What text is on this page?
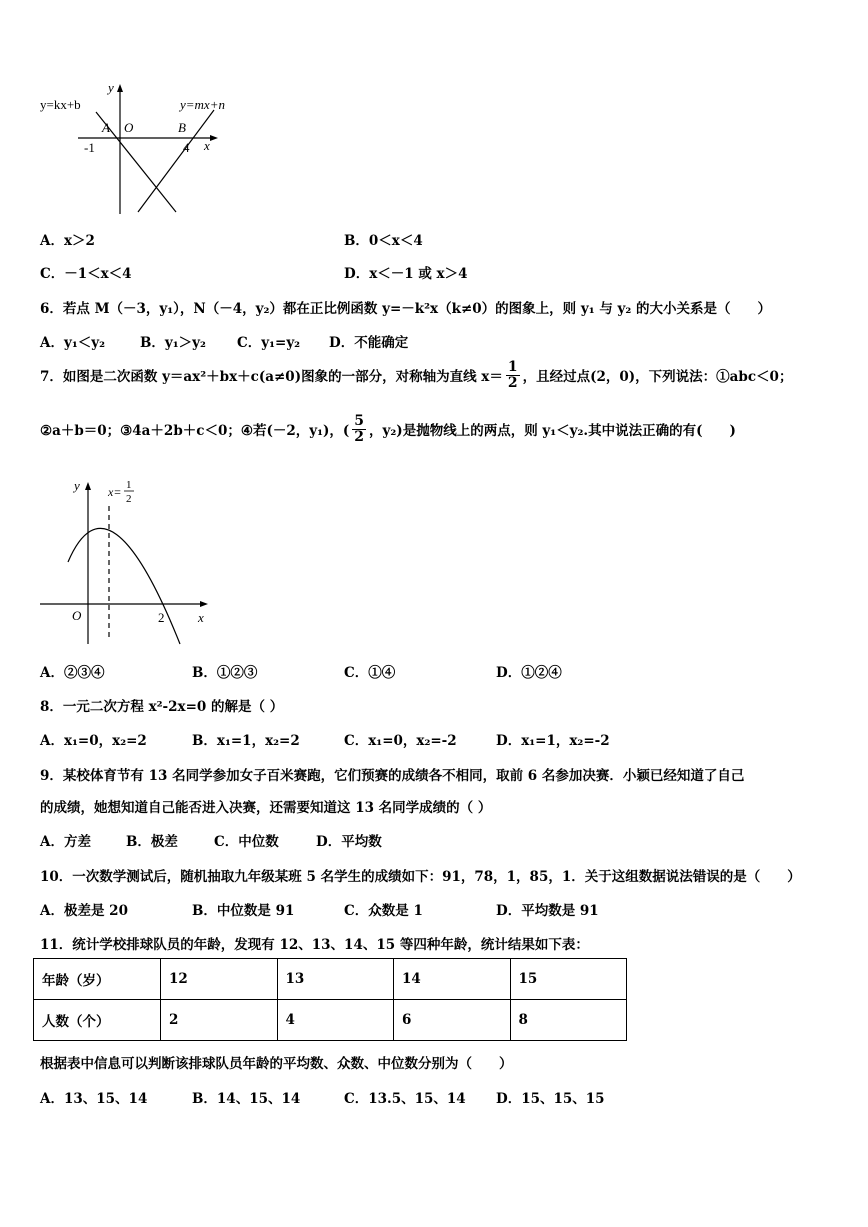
y=kx+b	y=mx+n
y
x
A O	B
-1	4
A．x＞2	B．0＜x＜4
C．－1＜x＜4	D．x＜－1 或 x＞4
6．若点 M（－3，y₁），N（－4，y₂）都在正比例函数 y=－k²x（k≠0）的图象上，则 y₁ 与 y₂ 的大小关系是（　　）
A．y₁＜y₂	B．y₁＞y₂ C．y₁=y₂ D．不能确定
7．如图是二次函数 y＝ax²＋bx＋c(a≠0)图象的一部分，对称轴为直线 $x= \frac{1}{2}$ ，且经过点(2，0)，下列说法：①abc＜0；
②a＋b＝0；③4a＋2b＋c＜0；④若(－2，y₁)，( $\frac{5}{2}$ ，y₂)是抛物线上的两点，则 y₁＜y₂.其中说法正确的有(　　)
y
x
O	2
x= 1
2
A．②③④	B．①②③	C．①④	D．①②④
8．一元二次方程 x²-2x=0 的解是（ ）
A．x₁=0，x₂=2	B．x₁=1，x₂=2	C．x₁=0，x₂=-2	D．x₁=1，x₂=-2
9．某校体育节有 13 名同学参加女子百米赛跑，它们预赛的成绩各不相同，取前 6 名参加决赛．小颖已经知道了自己
的成绩，她想知道自己能否进入决赛，还需要知道这 13 名同学成绩的（ ）
A．方差	B．极差	C．中位数	D．平均数
10．一次数学测试后，随机抽取九年级某班 5 名学生的成绩如下：91，78，1，85，1．关于这组数据说法错误的是（　　）
A．极差是 20	B．中位数是 91	C．众数是 1	D．平均数是 91
11．统计学校排球队员的年龄，发现有 12、13、14、15 等四种年龄，统计结果如下表：
年龄（岁）	12	13	14	15
人数（个）	2	4	6	8
根据表中信息可以判断该排球队员年龄的平均数、众数、中位数分别为（　　）
A．13、15、14	B．14、15、14	C．13.5、15、14 D．15、15、15
